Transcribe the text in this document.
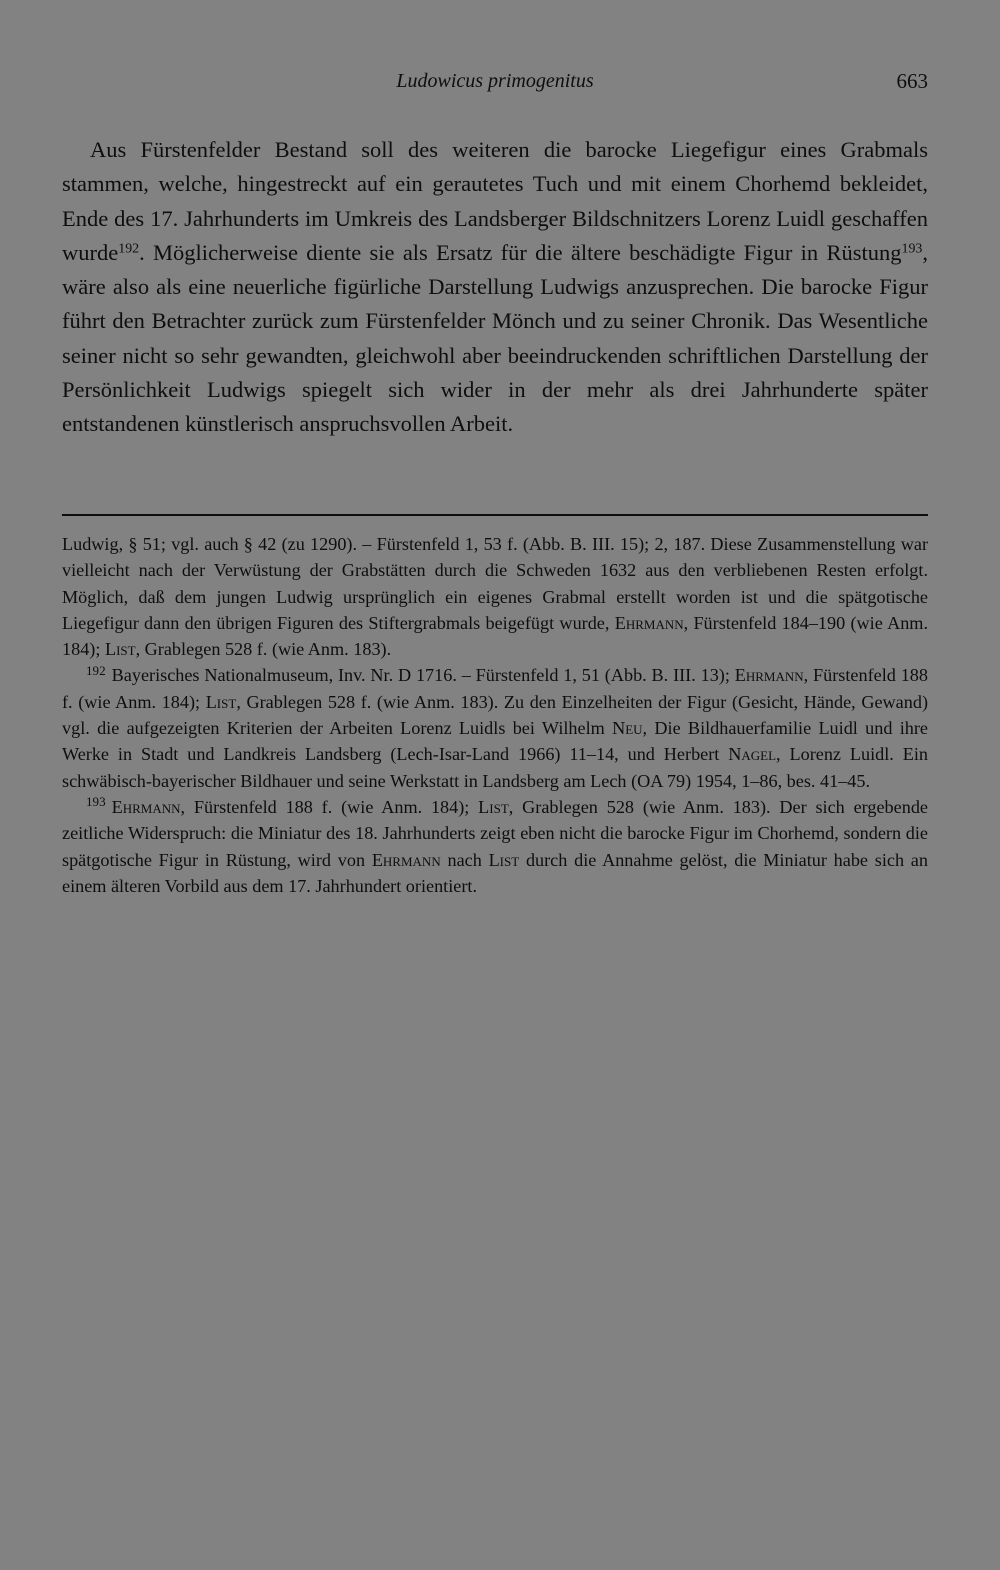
Ludowicus primogenitus	663

Aus Fürstenfelder Bestand soll des weiteren die barocke Liegefigur eines Grabmals stammen, welche, hingestreckt auf ein gerautetes Tuch und mit einem Chorhemd bekleidet, Ende des 17. Jahrhunderts im Umkreis des Landsberger Bildschnitzers Lorenz Luidl geschaffen wurde$^{192}$. Möglicherweise diente sie als Ersatz für die ältere beschädigte Figur in Rüstung$^{193}$, wäre also als eine neuerliche figürliche Darstellung Ludwigs anzusprechen. Die barocke Figur führt den Betrachter zurück zum Fürstenfelder Mönch und zu seiner Chronik. Das Wesentliche seiner nicht so sehr gewandten, gleichwohl aber beeindruckenden schriftlichen Darstellung der Persönlichkeit Ludwigs spiegelt sich wider in der mehr als drei Jahrhunderte später entstandenen künstlerisch anspruchsvollen Arbeit.

Ludwig, § 51; vgl. auch § 42 (zu 1290). – Fürstenfeld 1, 53 f. (Abb. B. III. 15); 2, 187. Diese Zusammenstellung war vielleicht nach der Verwüstung der Grabstätten durch die Schweden 1632 aus den verbliebenen Resten erfolgt. Möglich, daß dem jungen Ludwig ursprünglich ein eigenes Grabmal erstellt worden ist und die spätgotische Liegefigur dann den übrigen Figuren des Stiftergrabmals beigefügt wurde, Ehrmann, Fürstenfeld 184–190 (wie Anm. 184); List, Grablegen 528 f. (wie Anm. 183).

$^{192}$ Bayerisches Nationalmuseum, Inv. Nr. D 1716. – Fürstenfeld 1, 51 (Abb. B. III. 13); Ehrmann, Fürstenfeld 188 f. (wie Anm. 184); List, Grablegen 528 f. (wie Anm. 183). Zu den Einzelheiten der Figur (Gesicht, Hände, Gewand) vgl. die aufgezeigten Kriterien der Arbeiten Lorenz Luidls bei Wilhelm Neu, Die Bildhauerfamilie Luidl und ihre Werke in Stadt und Landkreis Landsberg (Lech-Isar-Land 1966) 11–14, und Herbert Nagel, Lorenz Luidl. Ein schwäbisch-bayerischer Bildhauer und seine Werkstatt in Landsberg am Lech (OA 79) 1954, 1–86, bes. 41–45.

$^{193}$ Ehrmann, Fürstenfeld 188 f. (wie Anm. 184); List, Grablegen 528 (wie Anm. 183). Der sich ergebende zeitliche Widerspruch: die Miniatur des 18. Jahrhunderts zeigt eben nicht die barocke Figur im Chorhemd, sondern die spätgotische Figur in Rüstung, wird von Ehrmann nach List durch die Annahme gelöst, die Miniatur habe sich an einem älteren Vorbild aus dem 17. Jahrhundert orientiert.
